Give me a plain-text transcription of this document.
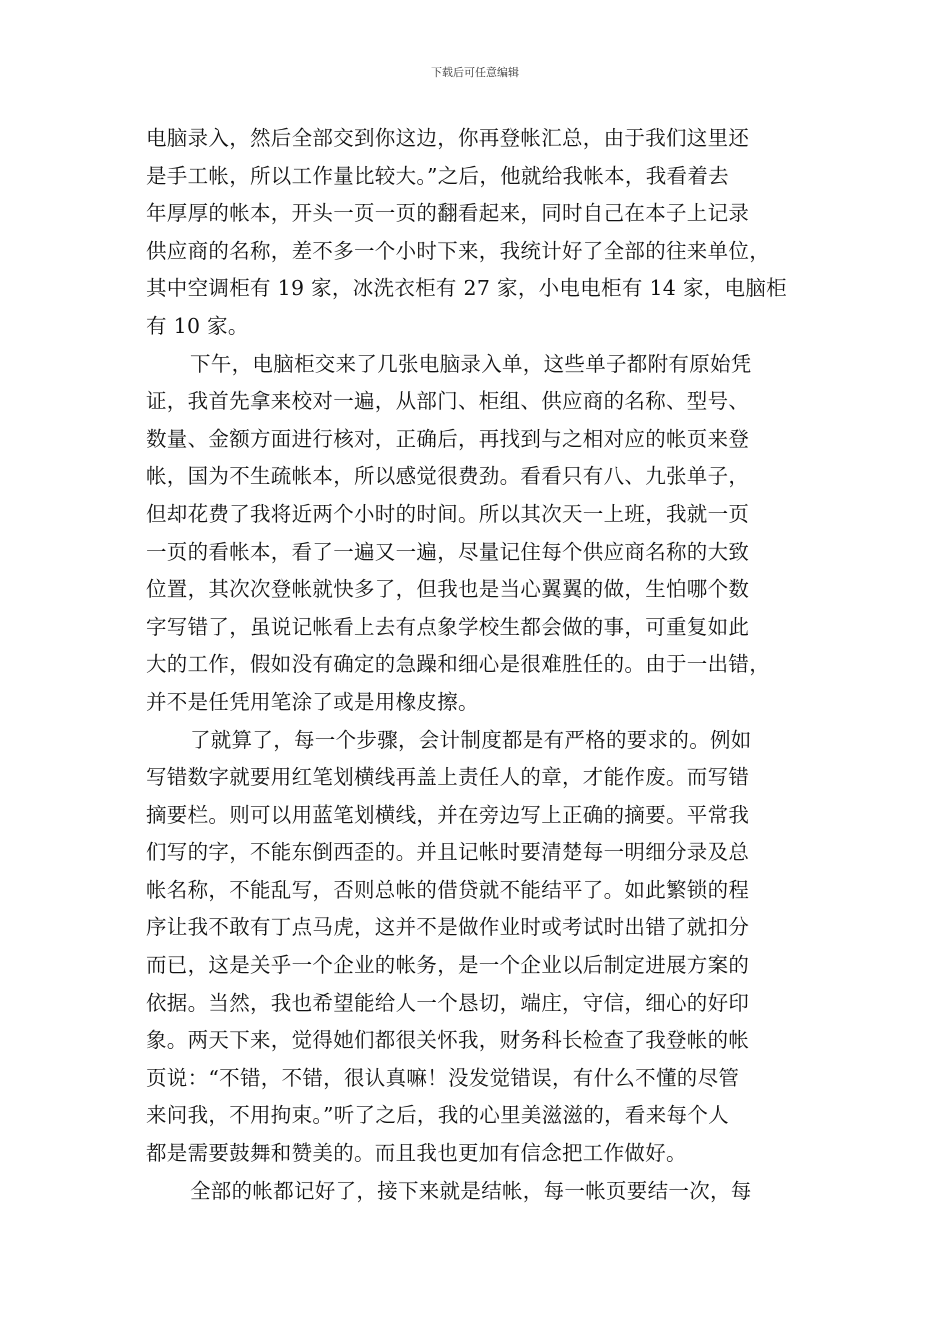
下载后可任意编辑
电脑录入，然后全部交到你这边，你再登帐汇总，由于我们这里还
是手工帐，所以工作量比较大。”之后，他就给我帐本，我看着去
年厚厚的帐本，开头一页一页的翻看起来，同时自己在本子上记录
供应商的名称，差不多一个小时下来，我统计好了全部的往来单位，
其中空调柜有 19 家，冰洗衣柜有 27 家，小电电柜有 14 家，电脑柜
有 10 家。
下午，电脑柜交来了几张电脑录入单，这些单子都附有原始凭
证，我首先拿来校对一遍，从部门、柜组、供应商的名称、型号、
数量、金额方面进行核对，正确后，再找到与之相对应的帐页来登
帐，国为不生疏帐本，所以感觉很费劲。看看只有八、九张单子，
但却花费了我将近两个小时的时间。所以其次天一上班，我就一页
一页的看帐本，看了一遍又一遍，尽量记住每个供应商名称的大致
位置，其次次登帐就快多了，但我也是当心翼翼的做，生怕哪个数
字写错了，虽说记帐看上去有点象学校生都会做的事，可重复如此
大的工作，假如没有确定的急躁和细心是很难胜任的。由于一出错，
并不是任凭用笔涂了或是用橡皮擦。
了就算了，每一个步骤，会计制度都是有严格的要求的。例如
写错数字就要用红笔划横线再盖上责任人的章，才能作废。而写错
摘要栏。则可以用蓝笔划横线，并在旁边写上正确的摘要。平常我
们写的字，不能东倒西歪的。并且记帐时要清楚每一明细分录及总
帐名称，不能乱写，否则总帐的借贷就不能结平了。如此繁锁的程
序让我不敢有丁点马虎，这并不是做作业时或考试时出错了就扣分
而已，这是关乎一个企业的帐务，是一个企业以后制定进展方案的
依据。当然，我也希望能给人一个恳切，端庄，守信，细心的好印
象。两天下来，觉得她们都很关怀我，财务科长检查了我登帐的帐
页说：“不错，不错，很认真嘛！没发觉错误，有什么不懂的尽管
来问我，不用拘束。”听了之后，我的心里美滋滋的，看来每个人
都是需要鼓舞和赞美的。而且我也更加有信念把工作做好。
全部的帐都记好了，接下来就是结帐，每一帐页要结一次，每
